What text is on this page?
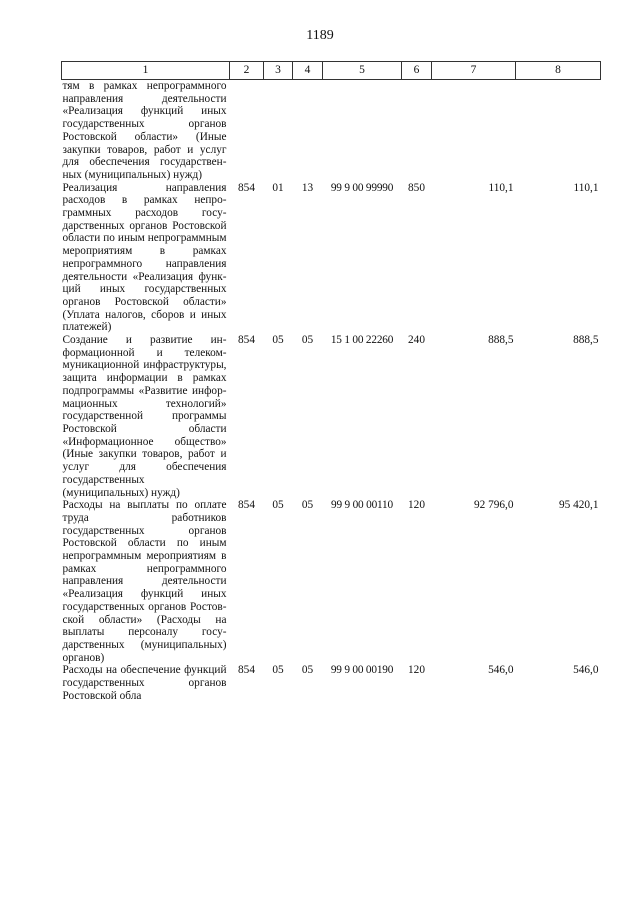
1189
1	2	3	4	5	6	7	8
тям в рамках непрограммного направления деятельности «Реализация функций иных государственных органов Ростовской области» (Иные закупки товаров, работ и услуг для обеспечения государственных (муниципальных) нужд)							
Реализация направления расходов в рамках непрограммных расходов государственных органов Ростовской области по иным непрограммным мероприятиям в рамках непрограммного направления деятельности «Реализация функций иных государственных органов Ростовской области» (Уплата налогов, сборов и иных платежей)	854	01	13	99 9 00 99990	850	110,1	110,1
Создание и развитие информационной и телекоммуникационной инфраструктуры, защита информации в рамках подпрограммы «Развитие информационных технологий» государственной программы Ростовской области «Информационное общество» (Иные закупки товаров, работ и услуг для обеспечения государственных (муниципальных) нужд)	854	05	05	15 1 00 22260	240	888,5	888,5
Расходы на выплаты по оплате труда работников государственных органов Ростовской области по иным непрограммным мероприятиям в рамках непрограммного направления деятельности «Реализация функций иных государственных органов Ростовской области» (Расходы на выплаты персоналу государственных (муниципальных) органов)	854	05	05	99 9 00 00110	120	92 796,0	95 420,1
Расходы на обеспечение функций государственных органов Ростовской обла	854	05	05	99 9 00 00190	120	546,0	546,0
